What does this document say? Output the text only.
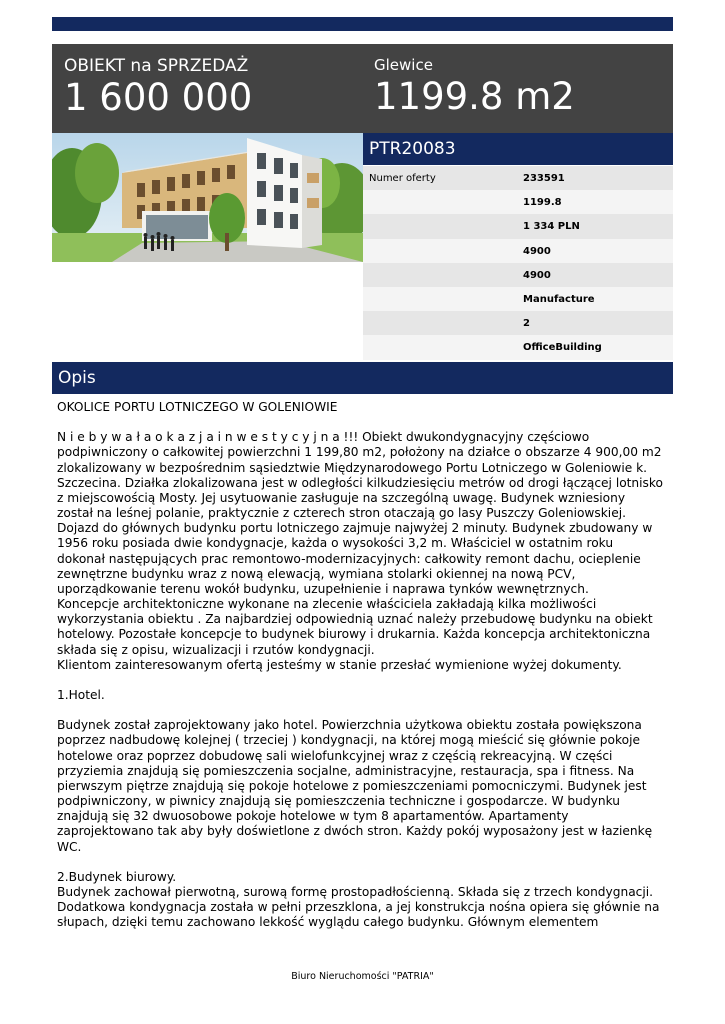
OBIEKT na SPRZEDAŻ
1 600 000
Glewice
1199.8 m2
PTR20083
Numer oferty	233591
1199.8
1 334 PLN
4900
4900
Manufacture
2
OfficeBuilding
Opis
OKOLICE PORTU LOTNICZEGO W GOLENIOWIE

N i e b y w a ł a o k a z j a i n w e s t y c y j n a !!! Obiekt dwukondygnacyjny częściowo
podpiwniczony o całkowitej powierzchni 1 199,80 m2, położony na działce o obszarze 4 900,00 m2
zlokalizowany w bezpośrednim sąsiedztwie Międzynarodowego Portu Lotniczego w Goleniowie k.
Szczecina. Działka zlokalizowana jest w odległości kilkudziesięciu metrów od drogi łączącej lotnisko
z miejscowością Mosty. Jej usytuowanie zasługuje na szczególną uwagę. Budynek wzniesiony
został na leśnej polanie, praktycznie z czterech stron otaczają go lasy Puszczy Goleniowskiej.
Dojazd do głównych budynku portu lotniczego zajmuje najwyżej 2 minuty. Budynek zbudowany w
1956 roku posiada dwie kondygnacje, każda o wysokości 3,2 m. Właściciel w ostatnim roku
dokonał następujących prac remontowo-modernizacyjnych: całkowity remont dachu, ocieplenie
zewnętrzne budynku wraz z nową elewacją, wymiana stolarki okiennej na nową PCV,
uporządkowanie terenu wokół budynku, uzupełnienie i naprawa tynków wewnętrznych.
Koncepcje architektoniczne wykonane na zlecenie właściciela zakładają kilka możliwości
wykorzystania obiektu . Za najbardziej odpowiednią uznać należy przebudowę budynku na obiekt
hotelowy. Pozostałe koncepcje to budynek biurowy i drukarnia. Każda koncepcja architektoniczna
składa się z opisu, wizualizacji i rzutów kondygnacji.
Klientom zainteresowanym ofertą jesteśmy w stanie przesłać wymienione wyżej dokumenty.

1.Hotel.

Budynek został zaprojektowany jako hotel. Powierzchnia użytkowa obiektu została powiększona
poprzez nadbudowę kolejnej ( trzeciej ) kondygnacji, na której mogą mieścić się głównie pokoje
hotelowe oraz poprzez dobudowę sali wielofunkcyjnej wraz z częścią rekreacyjną. W części
przyziemia znajdują się pomieszczenia socjalne, administracyjne, restauracja, spa i fitness. Na
pierwszym piętrze znajdują się pokoje hotelowe z pomieszczeniami pomocniczymi. Budynek jest
podpiwniczony, w piwnicy znajdują się pomieszczenia techniczne i gospodarcze. W budynku
znajdują się 32 dwuosobowe pokoje hotelowe w tym 8 apartamentów. Apartamenty
zaprojektowano tak aby były doświetlone z dwóch stron. Każdy pokój wyposażony jest w łazienkę
WC.

2.Budynek biurowy.
Budynek zachował pierwotną, surową formę prostopadłościenną. Składa się z trzech kondygnacji.
Dodatkowa kondygnacja została w pełni przeszklona, a jej konstrukcja nośna opiera się głównie na
słupach, dzięki temu zachowano lekkość wyglądu całego budynku. Głównym elementem
Biuro Nieruchomości "PATRIA"
